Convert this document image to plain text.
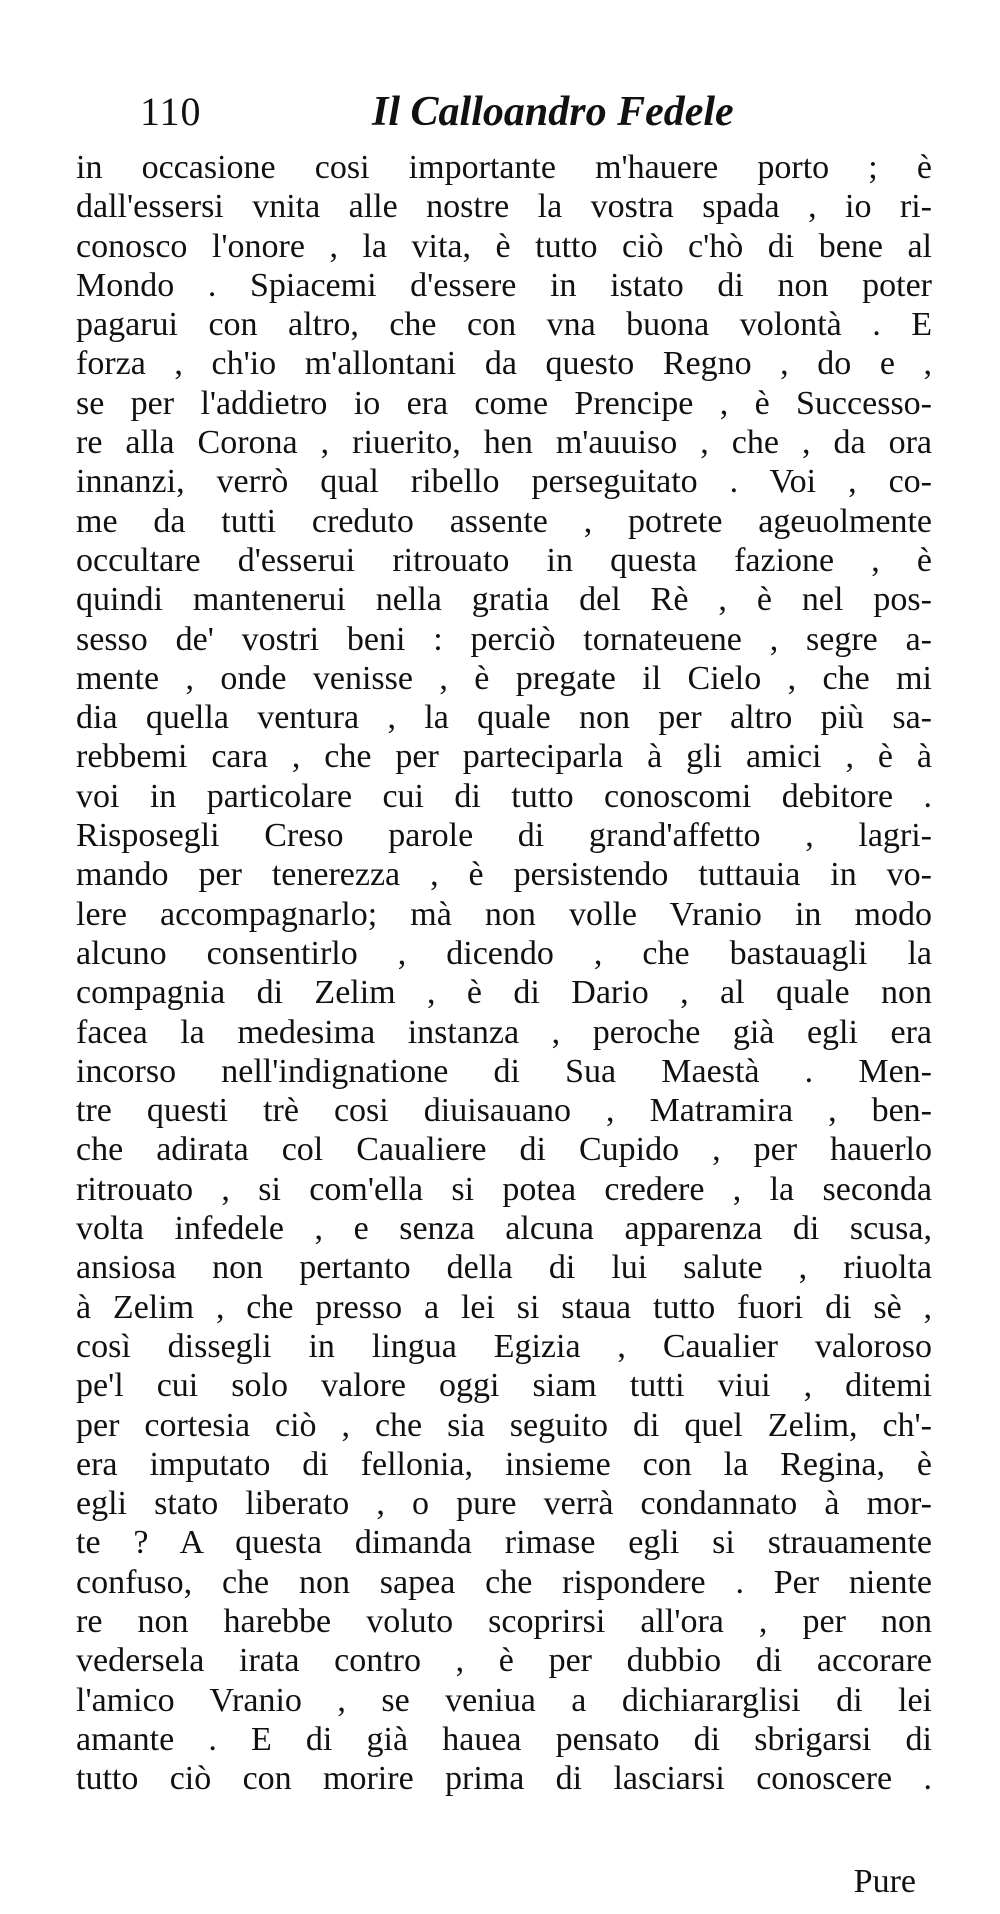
110	Il Calloandro Fedele
in occasione cosi importante m'hauere porto ; è
dall'essersi vnita alle nostre la vostra spada , io ri-
conosco l'onore , la vita, è tutto ciò c'hò di bene al
Mondo . Spiacemi d'essere in istato di non poter
pagarui con altro, che con vna buona volontà . E
forza , ch'io m'allontani da questo Regno , do e ,
se per l'addietro io era come Prencipe , è Successo-
re alla Corona , riuerito, hen m'auuiso , che , da ora
innanzi, verrò qual ribello perseguitato . Voi , co-
me da tutti creduto assente , potrete ageuolmente
occultare d'esserui ritrouato in questa fazione , è
quindi mantenerui nella gratia del Rè , è nel pos-
sesso de' vostri beni : perciò tornateuene , segre a-
mente , onde venisse , è pregate il Cielo , che mi
dia quella ventura , la quale non per altro più sa-
rebbemi cara , che per parteciparla à gli amici , è à
voi in particolare cui di tutto conoscomi debitore .
Risposegli Creso parole di grand'affetto , lagri-
mando per tenerezza , è persistendo tuttauia in vo-
lere accompagnarlo; mà non volle Vranio in modo
alcuno consentirlo , dicendo , che bastauagli la
compagnia di Zelim , è di Dario , al quale non
facea la medesima instanza , peroche già egli era
incorso nell'indignatione di Sua Maestà . Men-
tre questi trè cosi diuisauano , Matramira , ben-
che adirata col Caualiere di Cupido , per hauerlo
ritrouato , si com'ella si potea credere , la seconda
volta infedele , e senza alcuna apparenza di scusa,
ansiosa non pertanto della di lui salute , riuolta
à Zelim , che presso a lei si staua tutto fuori di sè ,
così dissegli in lingua Egizia , Caualier valoroso
pe'l cui solo valore oggi siam tutti viui , ditemi
per cortesia ciò , che sia seguito di quel Zelim, ch'-
era imputato di fellonia, insieme con la Regina, è
egli stato liberato , o pure verrà condannato à mor-
te ? A questa dimanda rimase egli si strauamente
confuso, che non sapea che rispondere . Per niente
re non harebbe voluto scoprirsi all'ora , per non
vedersela irata contro , è per dubbio di accorare
l'amico Vranio , se veniua a dichiararglisi di lei
amante . E di già hauea pensato di sbrigarsi di
tutto ciò con morire prima di lasciarsi conoscere .
Pure
